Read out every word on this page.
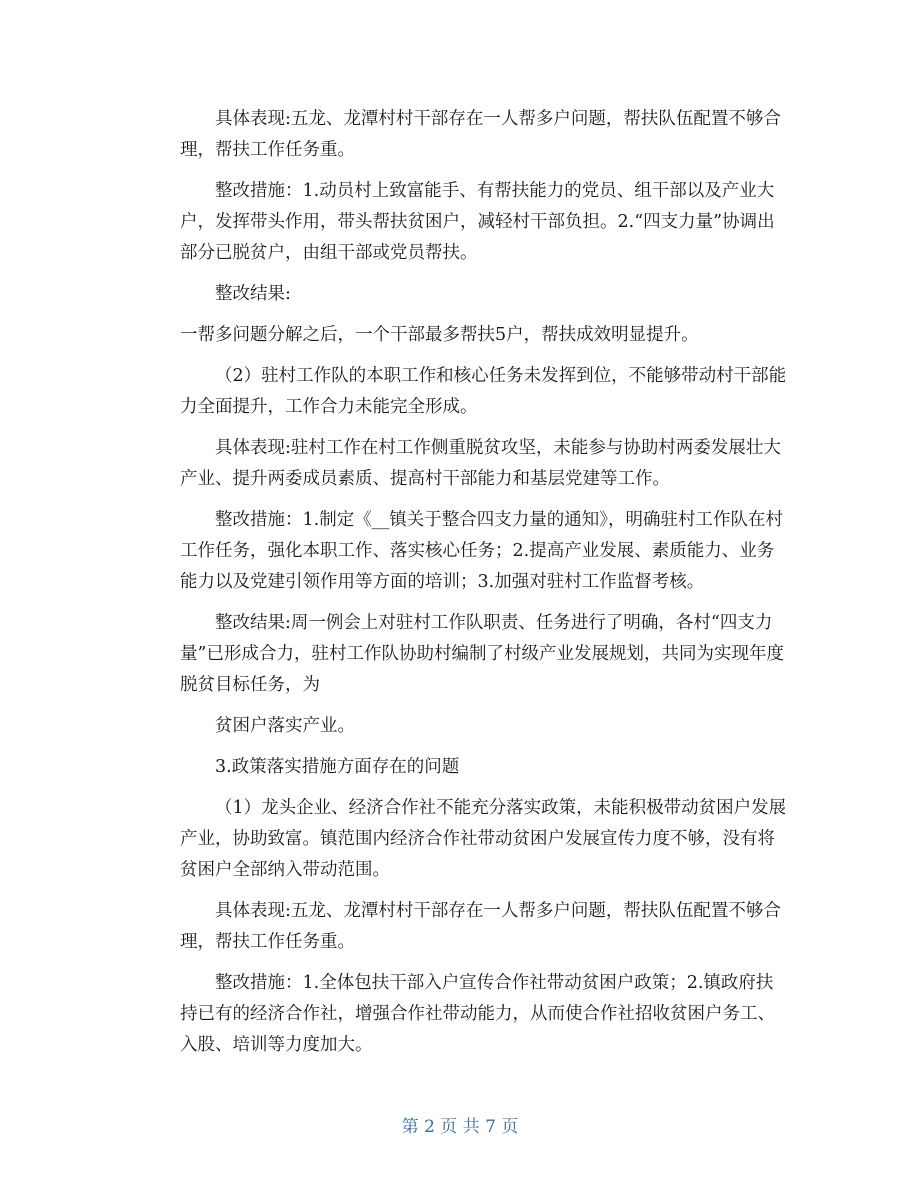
具体表现:五龙、龙潭村村干部存在一人帮多户问题，帮扶队伍配置不够合理，帮扶工作任务重。

整改措施：1.动员村上致富能手、有帮扶能力的党员、组干部以及产业大户，发挥带头作用，带头帮扶贫困户，减轻村干部负担。2.“四支力量”协调出部分已脱贫户，由组干部或党员帮扶。

整改结果:

一帮多问题分解之后，一个干部最多帮扶5户，帮扶成效明显提升。

（2）驻村工作队的本职工作和核心任务未发挥到位，不能够带动村干部能力全面提升，工作合力未能完全形成。

具体表现:驻村工作在村工作侧重脱贫攻坚，未能参与协助村两委发展壮大产业、提升两委成员素质、提高村干部能力和基层党建等工作。

整改措施：1.制定《__镇关于整合四支力量的通知》，明确驻村工作队在村工作任务，强化本职工作、落实核心任务；2.提高产业发展、素质能力、业务能力以及党建引领作用等方面的培训；3.加强对驻村工作监督考核。

整改结果:周一例会上对驻村工作队职责、任务进行了明确，各村“四支力量”已形成合力，驻村工作队协助村编制了村级产业发展规划，共同为实现年度脱贫目标任务，为

贫困户落实产业。

3.政策落实措施方面存在的问题

（1）龙头企业、经济合作社不能充分落实政策，未能积极带动贫困户发展产业，协助致富。镇范围内经济合作社带动贫困户发展宣传力度不够，没有将贫困户全部纳入带动范围。

具体表现:五龙、龙潭村村干部存在一人帮多户问题，帮扶队伍配置不够合理，帮扶工作任务重。

整改措施：1.全体包扶干部入户宣传合作社带动贫困户政策；2.镇政府扶持已有的经济合作社，增强合作社带动能力，从而使合作社招收贫困户务工、入股、培训等力度加大。

第 2 页 共 7 页
